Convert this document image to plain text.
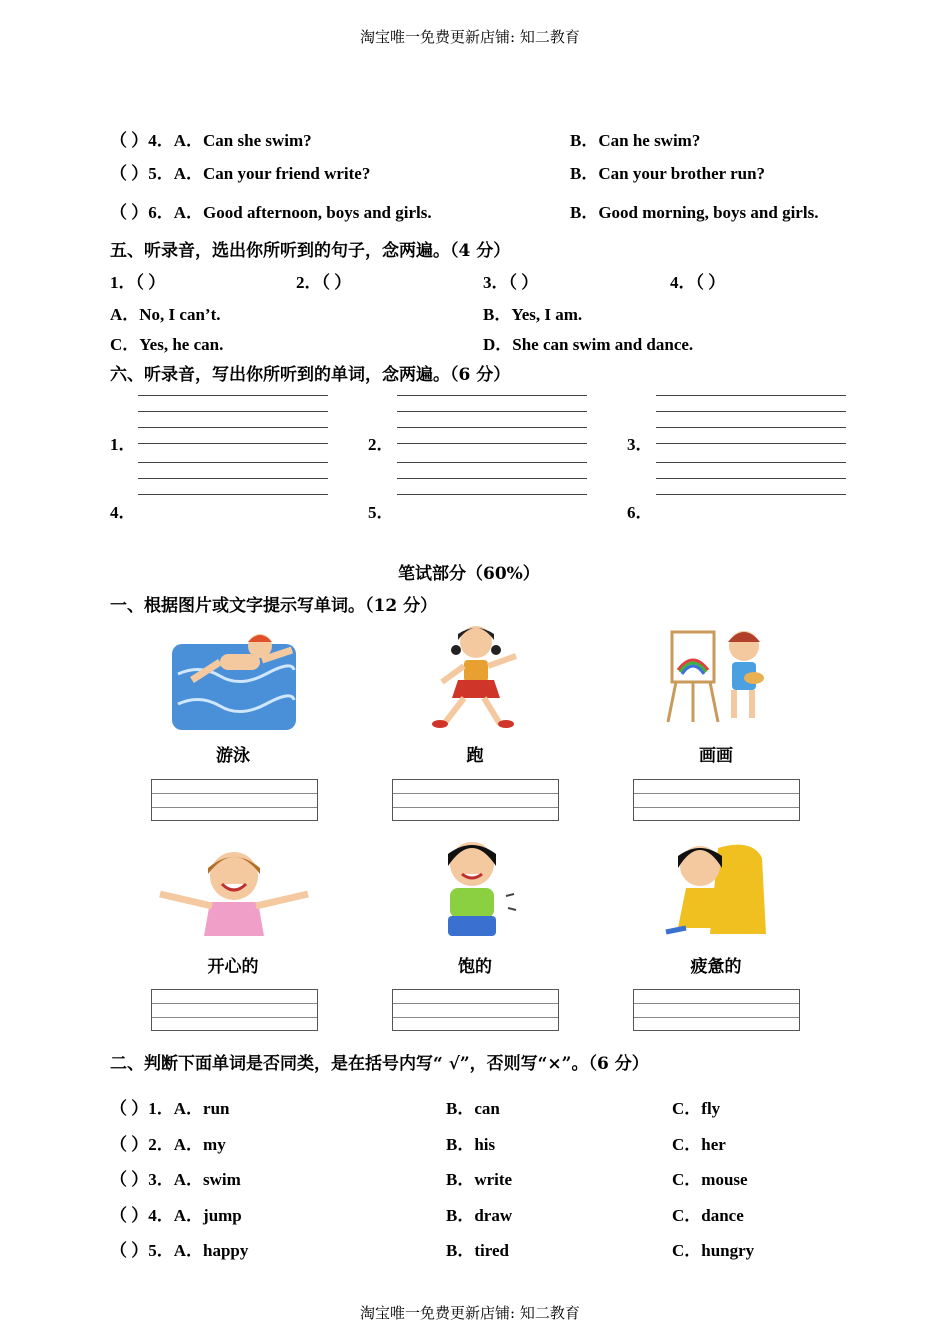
淘宝唯一免费更新店铺: 知二教育
（ ）4．A．Can she swim?	B．Can he swim?
（ ）5．A．Can your friend write?	B．Can your brother run?
（ ）6．A．Good afternoon, boys and girls.	B．Good morning, boys and girls.
五、听录音，选出你所听到的句子，念两遍。（4 分）
1．（ ）	2．（ ）	3．（ ）	4．（ ）
A．No, I can’t.	B．Yes, I am.
C．Yes, he can.	D．She can swim and dance.
六、听录音，写出你所听到的单词，念两遍。（6 分）
1．	2．	3．
4．	5．	6．
笔试部分（60%）
一、根据图片或文字提示写单词。（12 分）
游泳	跑	画画
开心的	饱的	疲惫的
二、判断下面单词是否同类，是在括号内写“ √”，否则写“×”。（6 分）
（ ）1．A．run	B．can	C．fly
（ ）2．A．my	B．his	C．her
（ ）3．A．swim	B．write	C．mouse
（ ）4．A．jump	B．draw	C．dance
（ ）5．A．happy	B．tired	C．hungry
淘宝唯一免费更新店铺: 知二教育
